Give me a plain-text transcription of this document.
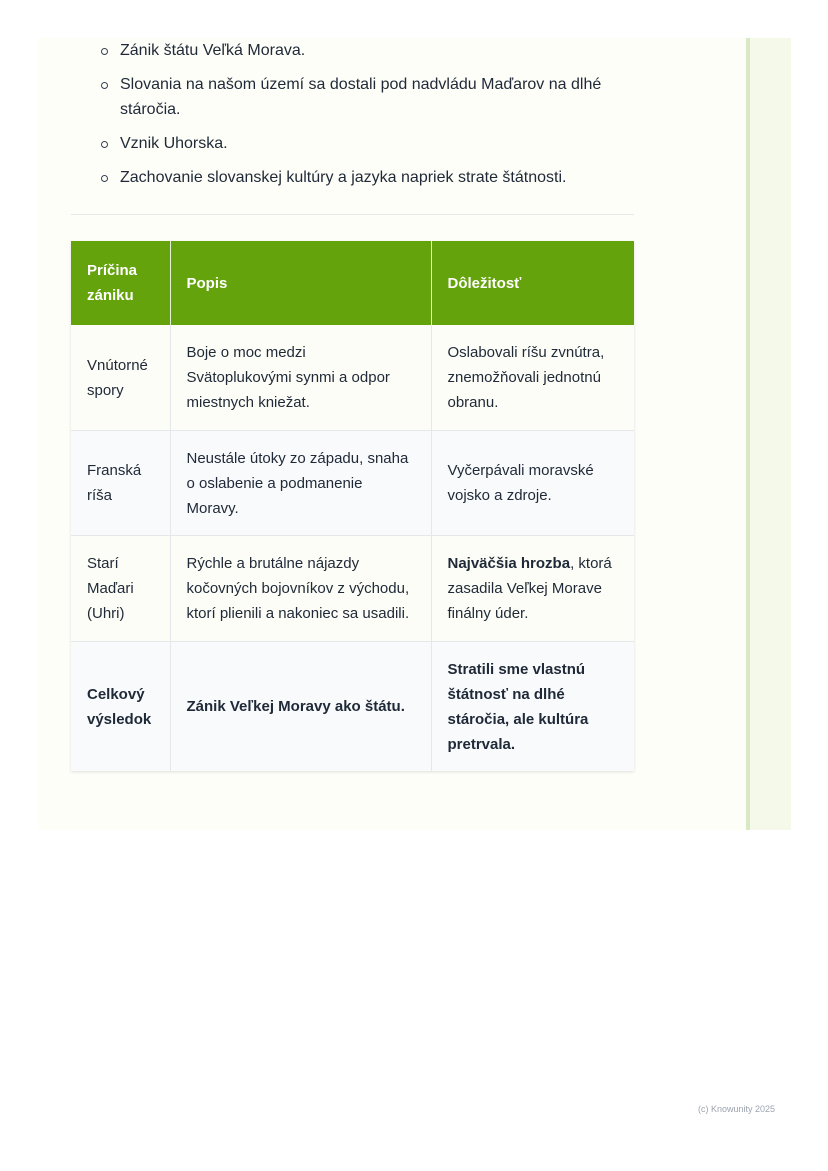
Zánik štátu Veľká Morava.
Slovania na našom území sa dostali pod nadvládu Maďarov na dlhé stáročia.
Vznik Uhorska.
Zachovanie slovanskej kultúry a jazyka napriek strate štátnosti.
Príčina zániku	Popis	Dôležitosť
Vnútorné spory	Boje o moc medzi Svätoplukovými synmi a odpor miestnych kniežat.	Oslabovali ríšu zvnútra, znemožňovali jednotnú obranu.
Franská ríša	Neustále útoky zo západu, snaha o oslabenie a podmanenie Moravy.	Vyčerpávali moravské vojsko a zdroje.
Starí Maďari (Uhri)	Rýchle a brutálne nájazdy kočovných bojovníkov z východu, ktorí plienili a nakoniec sa usadili.	Najväčšia hrozba, ktorá zasadila Veľkej Morave finálny úder.
Celkový výsledok	Zánik Veľkej Moravy ako štátu.	Stratili sme vlastnú štátnosť na dlhé stáročia, ale kultúra pretrvala.
(c) Knowunity 2025
